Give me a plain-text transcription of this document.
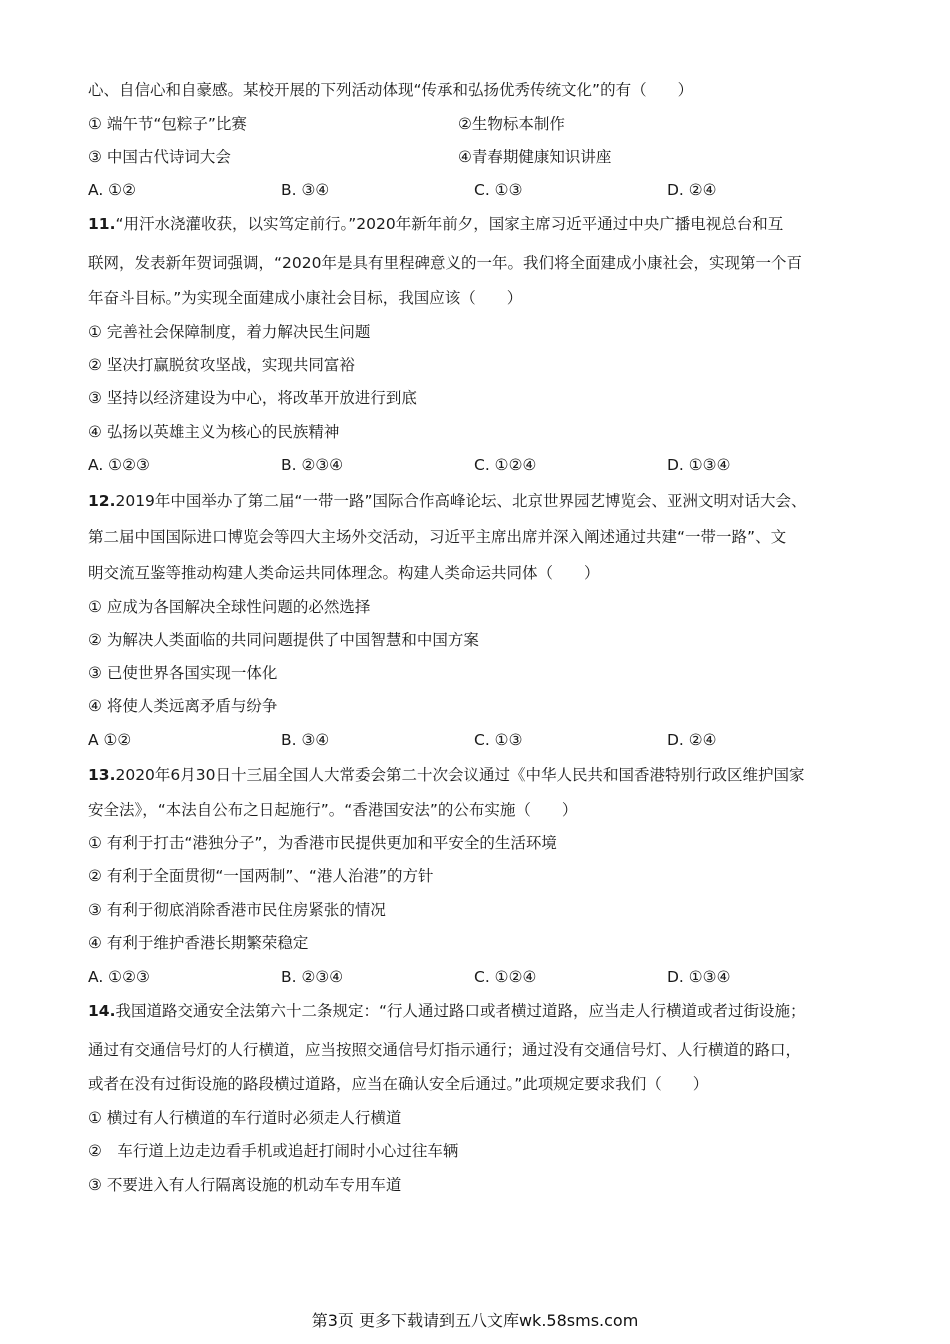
心、自信心和自豪感。某校开展的下列活动体现“传承和弘扬优秀传统文化”的有（　　）
① 端午节“包粽子”比赛	②生物标本制作
③ 中国古代诗词大会	④青春期健康知识讲座
A. ①②	B. ③④	C. ①③	D. ②④
11.“用汗水浇灌收获，以实笃定前行。”2020年新年前夕，国家主席习近平通过中央广播电视总台和互
联网，发表新年贺词强调，“2020年是具有里程碑意义的一年。我们将全面建成小康社会，实现第一个百
年奋斗目标。”为实现全面建成小康社会目标，我国应该（　　）
① 完善社会保障制度，着力解决民生问题
② 坚决打赢脱贫攻坚战，实现共同富裕
③ 坚持以经济建设为中心，将改革开放进行到底
④ 弘扬以英雄主义为核心的民族精神
A. ①②③	B. ②③④	C. ①②④	D. ①③④
12.2019年中国举办了第二届“一带一路”国际合作高峰论坛、北京世界园艺博览会、亚洲文明对话大会、
第二届中国国际进口博览会等四大主场外交活动，习近平主席出席并深入阐述通过共建“一带一路”、文
明交流互鉴等推动构建人类命运共同体理念。构建人类命运共同体（　　）
① 应成为各国解决全球性问题的必然选择
② 为解决人类面临的共同问题提供了中国智慧和中国方案
③ 已使世界各国实现一体化
④ 将使人类远离矛盾与纷争
A ①②	B. ③④	C. ①③	D. ②④
13.2020年6月30日十三届全国人大常委会第二十次会议通过《中华人民共和国香港特别行政区维护国家
安全法》，“本法自公布之日起施行”。“香港国安法”的公布实施（　　）
① 有利于打击“港独分子”，为香港市民提供更加和平安全的生活环境
② 有利于全面贯彻“一国两制”、“港人治港”的方针
③ 有利于彻底消除香港市民住房紧张的情况
④ 有利于维护香港长期繁荣稳定
A. ①②③	B. ②③④	C. ①②④	D. ①③④
14.我国道路交通安全法第六十二条规定：“行人通过路口或者横过道路，应当走人行横道或者过街设施；
通过有交通信号灯的人行横道，应当按照交通信号灯指示通行；通过没有交通信号灯、人行横道的路口，
或者在没有过街设施的路段横过道路，应当在确认安全后通过。”此项规定要求我们（　　）
① 横过有人行横道的车行道时必须走人行横道
②　车行道上边走边看手机或追赶打闹时小心过往车辆
③ 不要进入有人行隔离设施的机动车专用车道
第3页 更多下载请到五八文库wk.58sms.com
